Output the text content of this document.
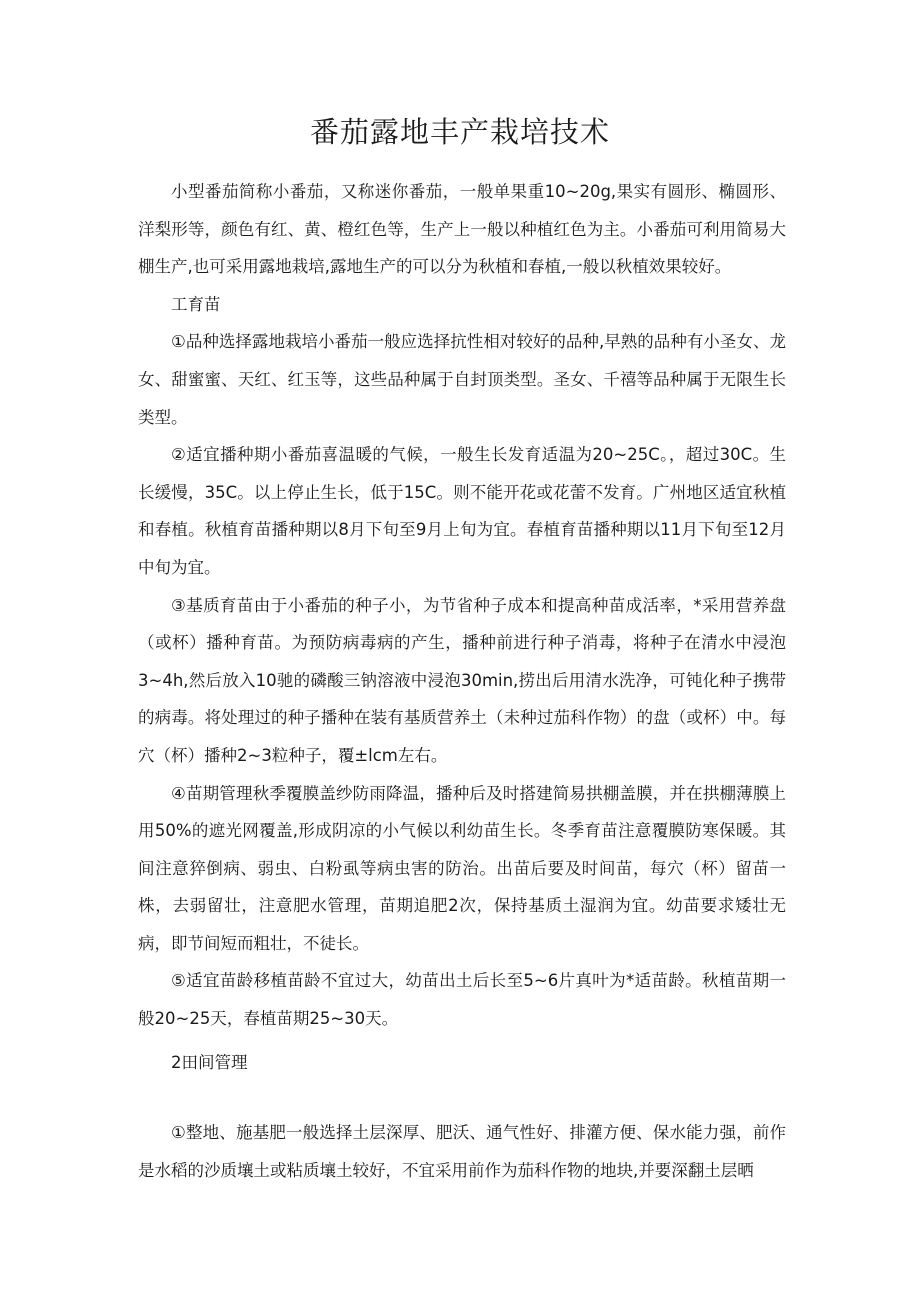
番茄露地丰产栽培技术

小型番茄简称小番茄，又称迷你番茄，一般单果重10~20g,果实有圆形、椭圆形、洋梨形等，颜色有红、黄、橙红色等，生产上一般以种植红色为主。小番茄可利用简易大棚生产,也可采用露地栽培,露地生产的可以分为秋植和春植,一般以秋植效果较好。

工育苗

①品种选择露地栽培小番茄一般应选择抗性相对较好的品种,早熟的品种有小圣女、龙女、甜蜜蜜、天红、红玉等，这些品种属于自封顶类型。圣女、千禧等品种属于无限生长类型。

②适宜播种期小番茄喜温暖的气候，一般生长发育适温为20~25C。，超过30C。生长缓慢，35C。以上停止生长，低于15C。则不能开花或花蕾不发育。广州地区适宜秋植和春植。秋植育苗播种期以8月下旬至9月上旬为宜。春植育苗播种期以11月下旬至12月中旬为宜。

③基质育苗由于小番茄的种子小，为节省种子成本和提高种苗成活率，*采用营养盘（或杯）播种育苗。为预防病毒病的产生，播种前进行种子消毒，将种子在清水中浸泡3~4h,然后放入10驰的磷酸三钠溶液中浸泡30min,捞出后用清水洗净，可钝化种子携带的病毒。将处理过的种子播种在装有基质营养土（未种过茄科作物）的盘（或杯）中。每穴（杯）播种2~3粒种子，覆±lcm左右。

④苗期管理秋季覆膜盖纱防雨降温，播种后及时搭建简易拱棚盖膜，并在拱棚薄膜上用50%的遮光网覆盖,形成阴凉的小气候以利幼苗生长。冬季育苗注意覆膜防寒保暖。其间注意猝倒病、弱虫、白粉虱等病虫害的防治。出苗后要及时间苗，每穴（杯）留苗一株，去弱留壮，注意肥水管理，苗期追肥2次，保持基质土湿润为宜。幼苗要求矮壮无病，即节间短而粗壮，不徒长。

⑤适宜苗龄移植苗龄不宜过大，幼苗出土后长至5~6片真叶为*适苗龄。秋植苗期一般20~25天，春植苗期25~30天。

2田间管理

①整地、施基肥一般选择土层深厚、肥沃、通气性好、排灌方便、保水能力强，前作是水稻的沙质壤土或粘质壤土较好，不宜采用前作为茄科作物的地块,并要深翻土层晒
